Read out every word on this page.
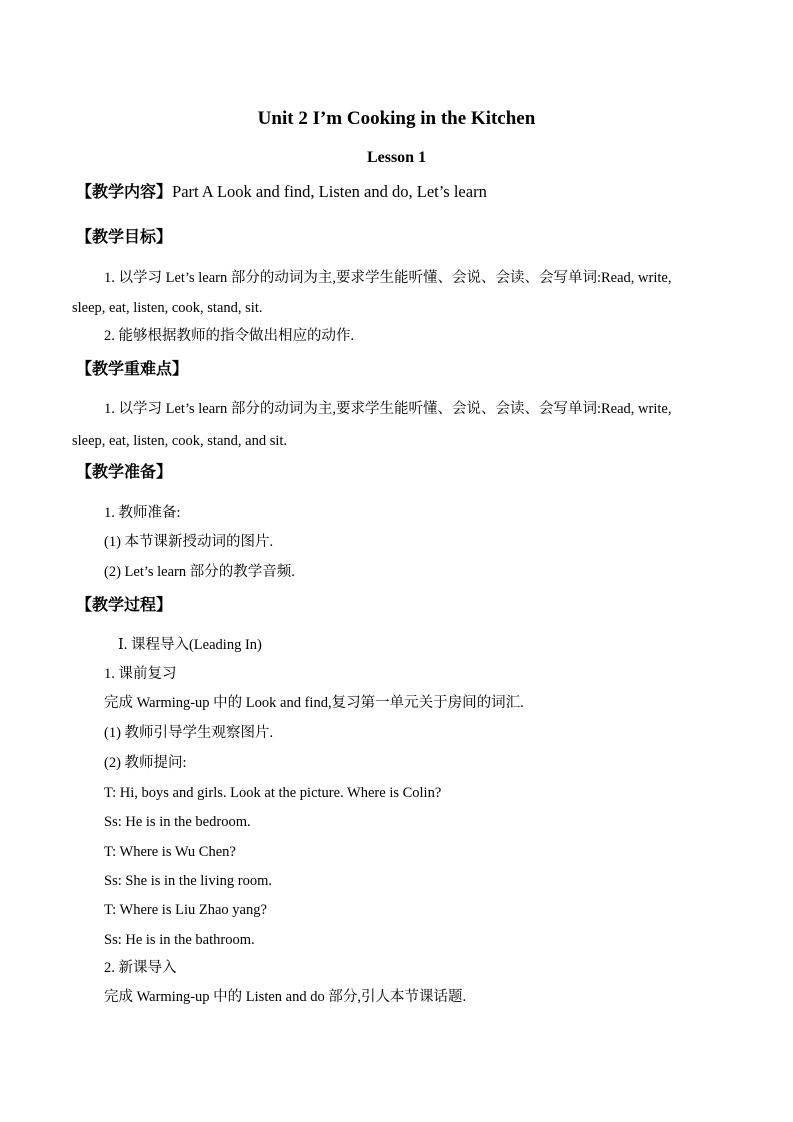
Unit 2 I’m Cooking in the Kitchen
Lesson 1
【教学内容】Part A Look and find, Listen and do, Let’s learn
【教学目标】
1. 以学习 Let’s learn 部分的动词为主,要求学生能听懂、会说、会读、会写单词:Read, write,
sleep, eat, listen, cook, stand, sit.
2. 能够根据教师的指令做出相应的动作.
【教学重难点】
1. 以学习 Let’s learn 部分的动词为主,要求学生能听懂、会说、会读、会写单词:Read, write,
sleep, eat, listen, cook, stand, and sit.
【教学准备】
1. 教师准备:
(1) 本节课新授动词的图片.
(2) Let’s learn 部分的教学音频.
【教学过程】
Ⅰ. 课程导入(Leading In)
1. 课前复习
完成 Warming-up 中的 Look and find,复习第一单元关于房间的词汇.
(1) 教师引导学生观察图片.
(2) 教师提问:
T: Hi, boys and girls. Look at the picture. Where is Colin?
Ss: He is in the bedroom.
T: Where is Wu Chen?
Ss: She is in the living room.
T: Where is Liu Zhao yang?
Ss: He is in the bathroom.
2. 新课导入
完成 Warming-up 中的 Listen and do 部分,引人本节课话题.
